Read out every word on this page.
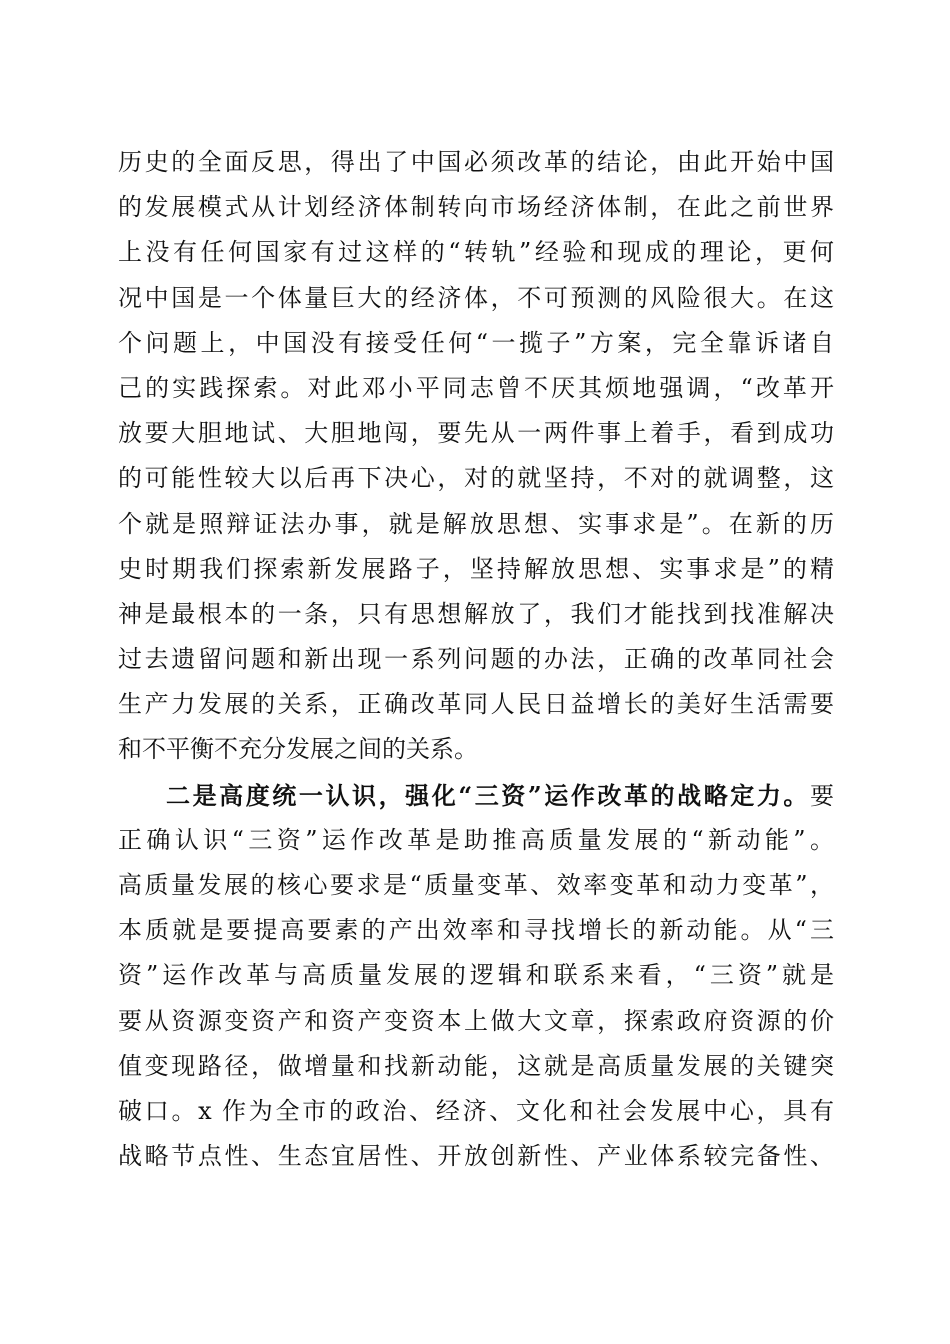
历史的全面反思，得出了中国必须改革的结论，由此开始中国
的发展模式从计划经济体制转向市场经济体制，在此之前世界
上没有任何国家有过这样的“转轨”经验和现成的理论，更何
况中国是一个体量巨大的经济体，不可预测的风险很大。在这
个问题上，中国没有接受任何“一揽子”方案，完全靠诉诸自
己的实践探索。对此邓小平同志曾不厌其烦地强调，“改革开
放要大胆地试、大胆地闯，要先从一两件事上着手，看到成功
的可能性较大以后再下决心，对的就坚持，不对的就调整，这
个就是照辩证法办事，就是解放思想、实事求是”。在新的历
史时期我们探索新发展路子，坚持解放思想、实事求是”的精
神是最根本的一条，只有思想解放了，我们才能找到找准解决
过去遗留问题和新出现一系列问题的办法，正确的改革同社会
生产力发展的关系，正确改革同人民日益增长的美好生活需要
和不平衡不充分发展之间的关系。
二是高度统一认识，强化“三资”运作改革的战略定力。要
正确认识“三资”运作改革是助推高质量发展的“新动能”。
高质量发展的核心要求是“质量变革、效率变革和动力变革”，
本质就是要提高要素的产出效率和寻找增长的新动能。从“三
资”运作改革与高质量发展的逻辑和联系来看，“三资”就是
要从资源变资产和资产变资本上做大文章，探索政府资源的价
值变现路径，做增量和找新动能，这就是高质量发展的关键突
破口。x 作为全市的政治、经济、文化和社会发展中心，具有
战略节点性、生态宜居性、开放创新性、产业体系较完备性、
